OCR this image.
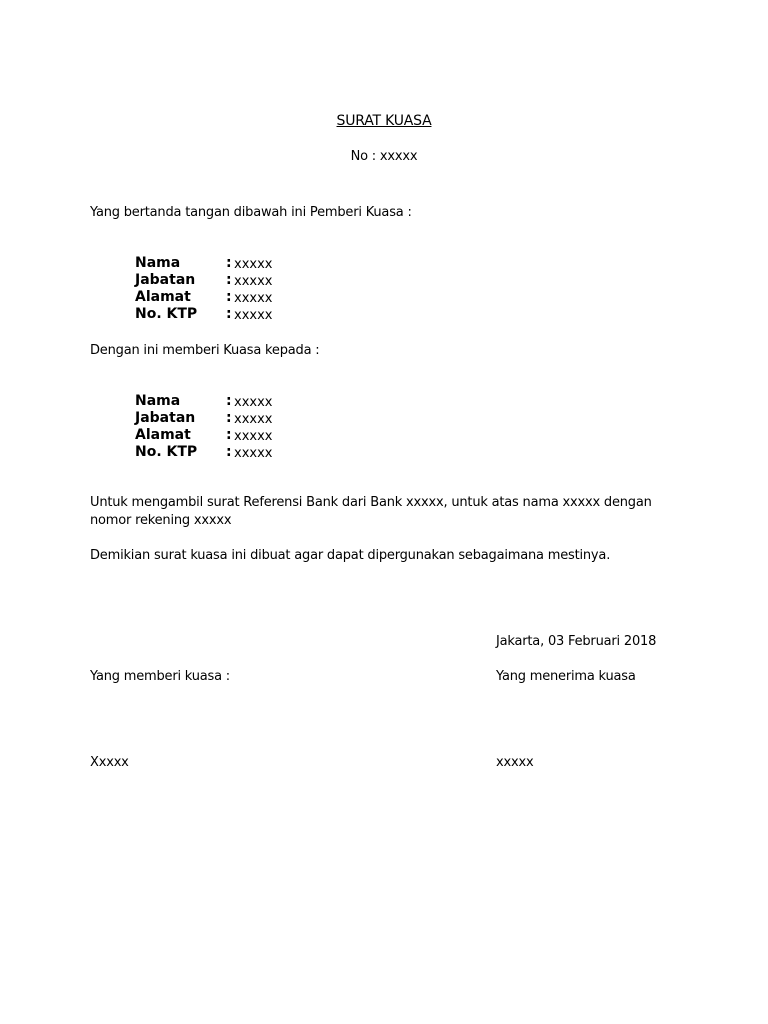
SURAT KUASA
No : xxxxx
Yang bertanda tangan dibawah ini Pemberi Kuasa :
Nama	: xxxxx
Jabatan : xxxxx
Alamat	: xxxxx
No. KTP : xxxxx
Dengan ini memberi Kuasa kepada :
Nama	: xxxxx
Jabatan : xxxxx
Alamat	: xxxxx
No. KTP : xxxxx
Untuk mengambil surat Referensi Bank dari Bank xxxxx, untuk atas nama xxxxx dengan nomor rekening xxxxx
Demikian surat kuasa ini dibuat agar dapat dipergunakan sebagaimana mestinya.
Jakarta, 03 Februari 2018
Yang memberi kuasa :	Yang menerima kuasa
Xxxxx	xxxxx
